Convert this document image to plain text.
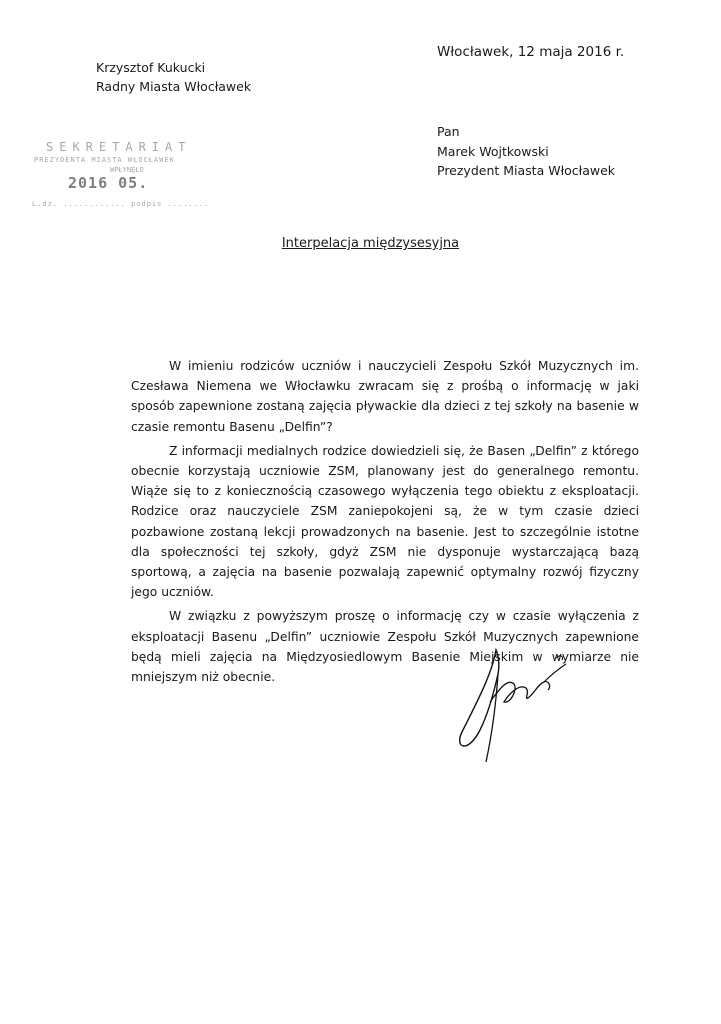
Włocławek, 12 maja 2016 r.
Krzysztof Kukucki
Radny Miasta Włocławek
SEKRETARIAT
PREZYDENTA MIASTA WŁOCŁAWEK
WPŁYNĘŁO
2016 05.
L.dz. ............ podpis ........
Pan
Marek Wojtkowski
Prezydent Miasta Włocławek
Interpelacja międzysesyjna

W imieniu rodziców uczniów i nauczycieli Zespołu Szkół Muzycznych im. Czesława Niemena we Włocławku zwracam się z prośbą o informację w jaki sposób zapewnione zostaną zajęcia pływackie dla dzieci z tej szkoły na basenie w czasie remontu Basenu „Delfin”?

Z informacji medialnych rodzice dowiedzieli się, że Basen „Delfin” z którego obecnie korzystają uczniowie ZSM, planowany jest do generalnego remontu. Wiąże się to z koniecznością czasowego wyłączenia tego obiektu z eksploatacji. Rodzice oraz nauczyciele ZSM zaniepokojeni są, że w tym czasie dzieci pozbawione zostaną lekcji prowadzonych na basenie. Jest to szczególnie istotne dla społeczności tej szkoły, gdyż ZSM nie dysponuje wystarczającą bazą sportową, a zajęcia na basenie pozwalają zapewnić optymalny rozwój fizyczny jego uczniów.

W związku z powyższym proszę o informację czy w czasie wyłączenia z eksploatacji Basenu „Delfin” uczniowie Zespołu Szkół Muzycznych zapewnione będą mieli zajęcia na Międzyosiedlowym Basenie Miejskim w wymiarze nie mniejszym niż obecnie.
